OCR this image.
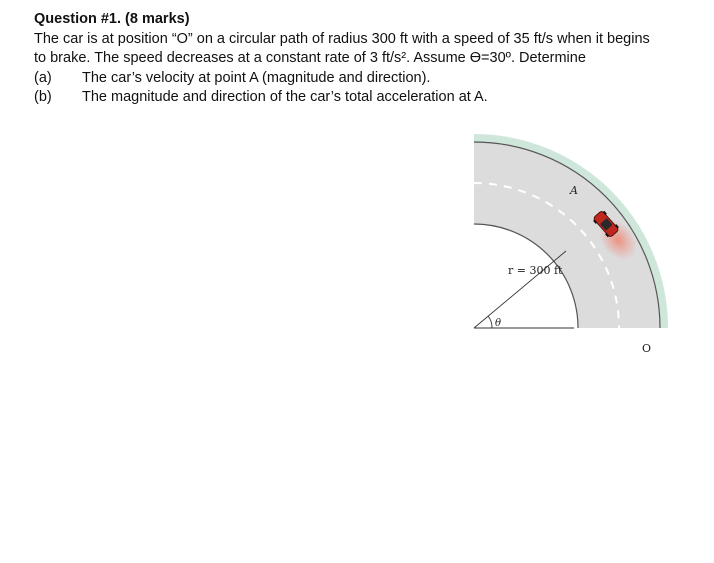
Question #1. (8 marks)

The car is at position “O” on a circular path of radius 300 ft with a speed of 35 ft/s when it begins

to brake. The speed decreases at a constant rate of 3 ft/s². Assume ϴ=30º. Determine

(a)	The car’s velocity at point A (magnitude and direction).
(b)	The magnitude and direction of the car’s total acceleration at A.
A
r = 300 ft
θ
O
